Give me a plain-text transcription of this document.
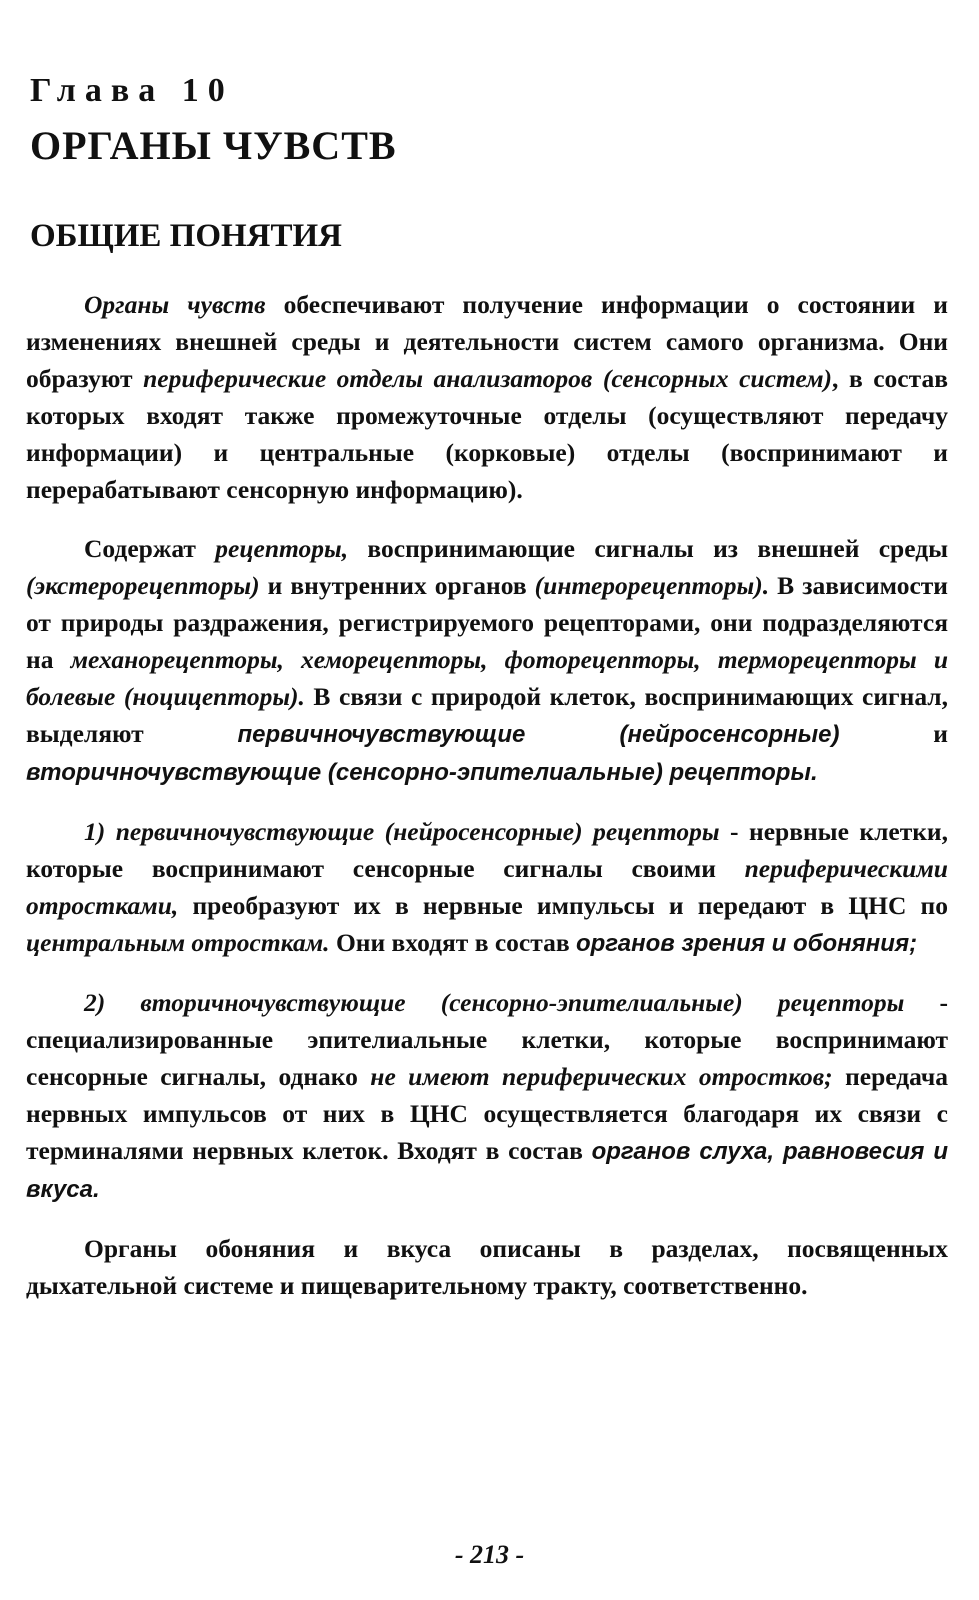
Глава 10
ОРГАНЫ ЧУВСТВ
ОБЩИЕ ПОНЯТИЯ

Органы чувств обеспечивают получение информации о состоянии и изменениях внешней среды и деятельности систем самого организма. Они образуют периферические отделы анализаторов (сенсорных систем), в состав которых входят также промежуточные отделы (осуществляют передачу информации) и центральные (корковые) отделы (воспринимают и перерабатывают сенсорную информацию).

Содержат рецепторы, воспринимающие сигналы из внешней среды (экстерорецепторы) и внутренних органов (интерорецепторы). В зависимости от природы раздражения, регистрируемого рецепторами, они подразделяются на механорецепторы, хеморецепторы, фоторецепторы, терморецепторы и болевые (ноцицепторы). В связи с природой клеток, воспринимающих сигнал, выделяют первичночувствующие (нейросенсорные) и вторичночувствующие (сенсорно-эпителиальные) рецепторы.

1) первичночувствующие (нейросенсорные) рецепторы - нервные клетки, которые воспринимают сенсорные сигналы своими периферическими отростками, преобразуют их в нервные импульсы и передают в ЦНС по центральным отросткам. Они входят в состав органов зрения и обоняния;

2) вторичночувствующие (сенсорно-эпителиальные) рецепторы - специализированные эпителиальные клетки, которые воспринимают сенсорные сигналы, однако не имеют периферических отростков; передача нервных импульсов от них в ЦНС осуществляется благодаря их связи с терминалями нервных клеток. Входят в состав органов слуха, равновесия и вкуса.

Органы обоняния и вкуса описаны в разделах, посвященных дыхательной системе и пищеварительному тракту, соответственно.

- 213 -
